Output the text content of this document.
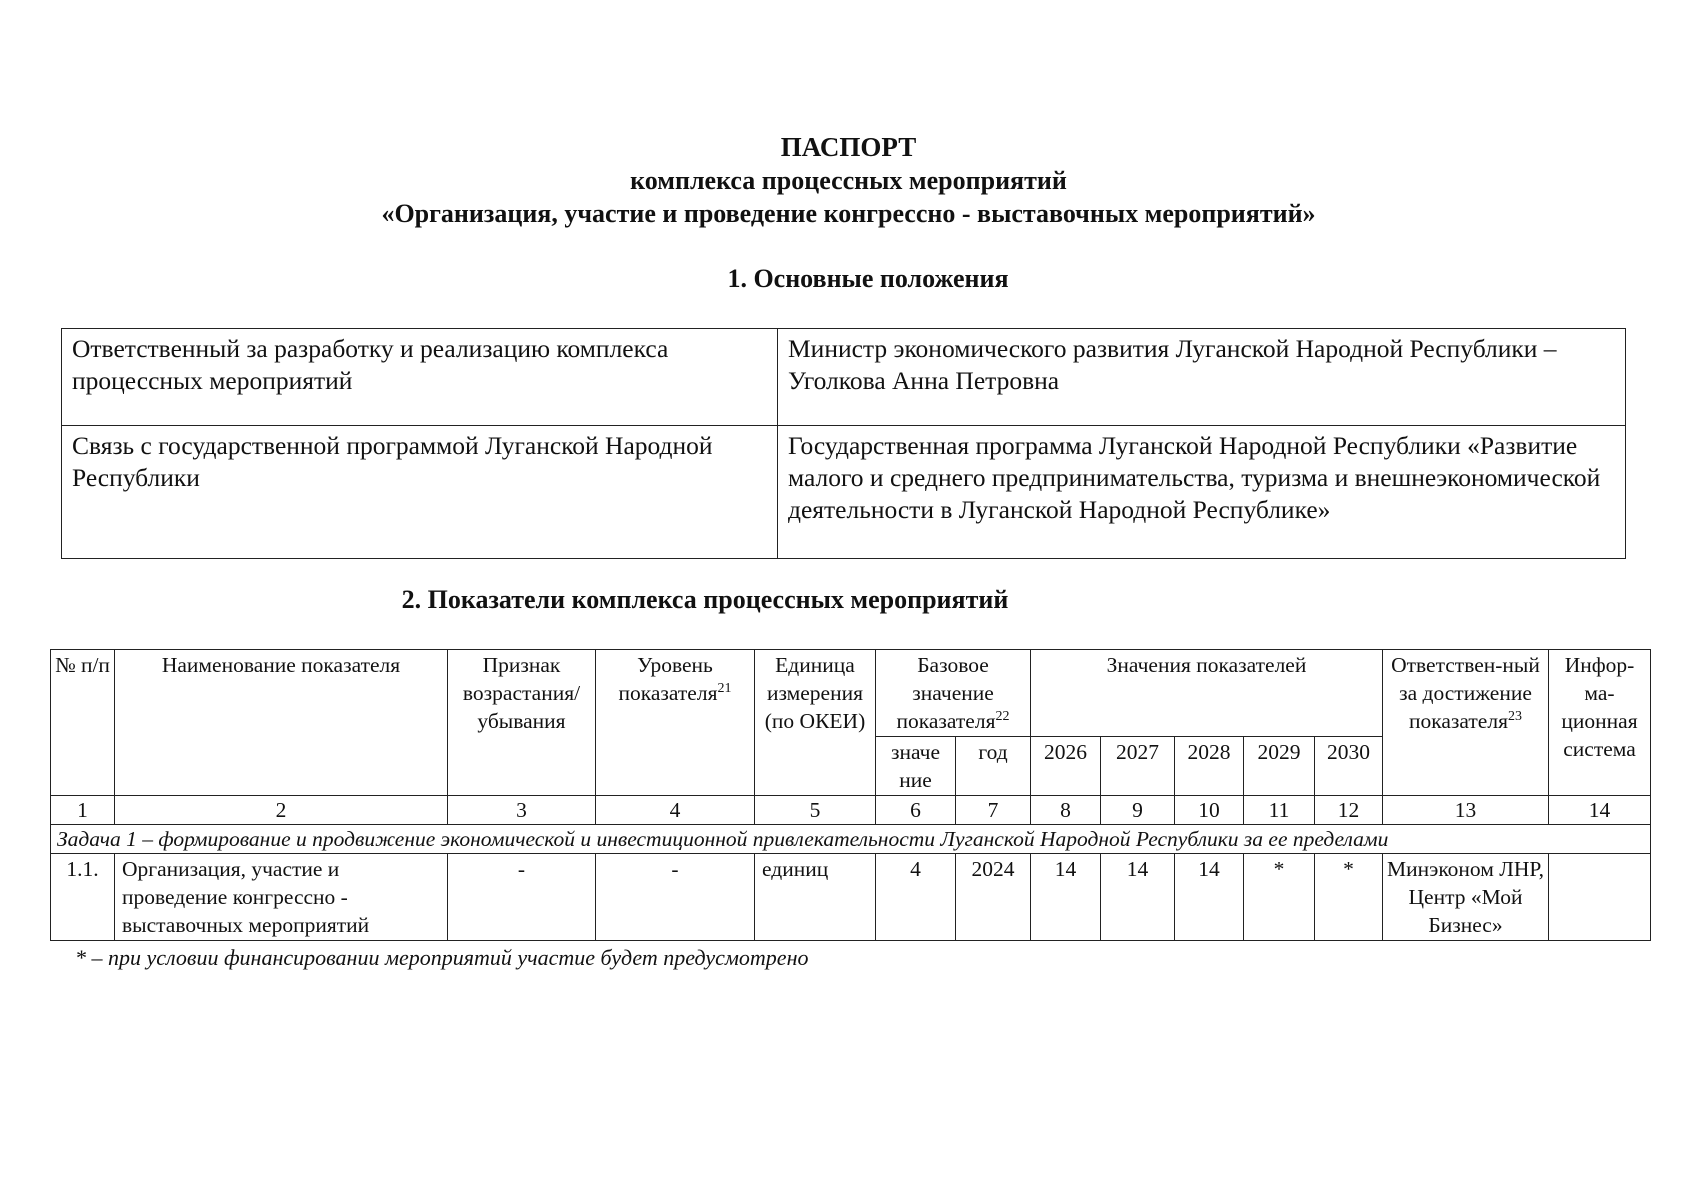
ПАСПОРТ
комплекса процессных мероприятий
«Организация, участие и проведение конгрессно - выставочных мероприятий»
1. Основные положения
Ответственный за разработку и реализацию комплекса процессных мероприятий	Министр экономического развития Луганской Народной Республики – Уголкова Анна Петровна
Связь с государственной программой Луганской Народной Республики	Государственная программа Луганской Народной Республики «Развитие малого и среднего предпринимательства, туризма и внешнеэкономической деятельности в Луганской Народной Республике»
2. Показатели комплекса процессных мероприятий
№ п/п	Наименование показателя	Признак возрастания/ убывания	Уровень показателя$^{21}$	Единица измерения (по ОКЕИ)	Базовое значение показателя$^{22}$		Значения показателей					Ответствен-ный за достижение показателя$^{23}$	Инфор-ма-ционная система
					значе ние	год	2026	2027	2028	2029	2030		
1	2	3	4	5	6	7	8	9	10	11	12	13	14
Задача 1 – формирование и продвижение экономической и инвестиционной привлекательности Луганской Народной Республики за ее пределами													
1.1.	Организация, участие и проведение конгрессно - выставочных мероприятий	-	-	единиц	4	2024	14	14	14	*	*	Минэконом ЛНР, Центр «Мой Бизнес»	
* – при условии финансировании мероприятий участие будет предусмотрено
